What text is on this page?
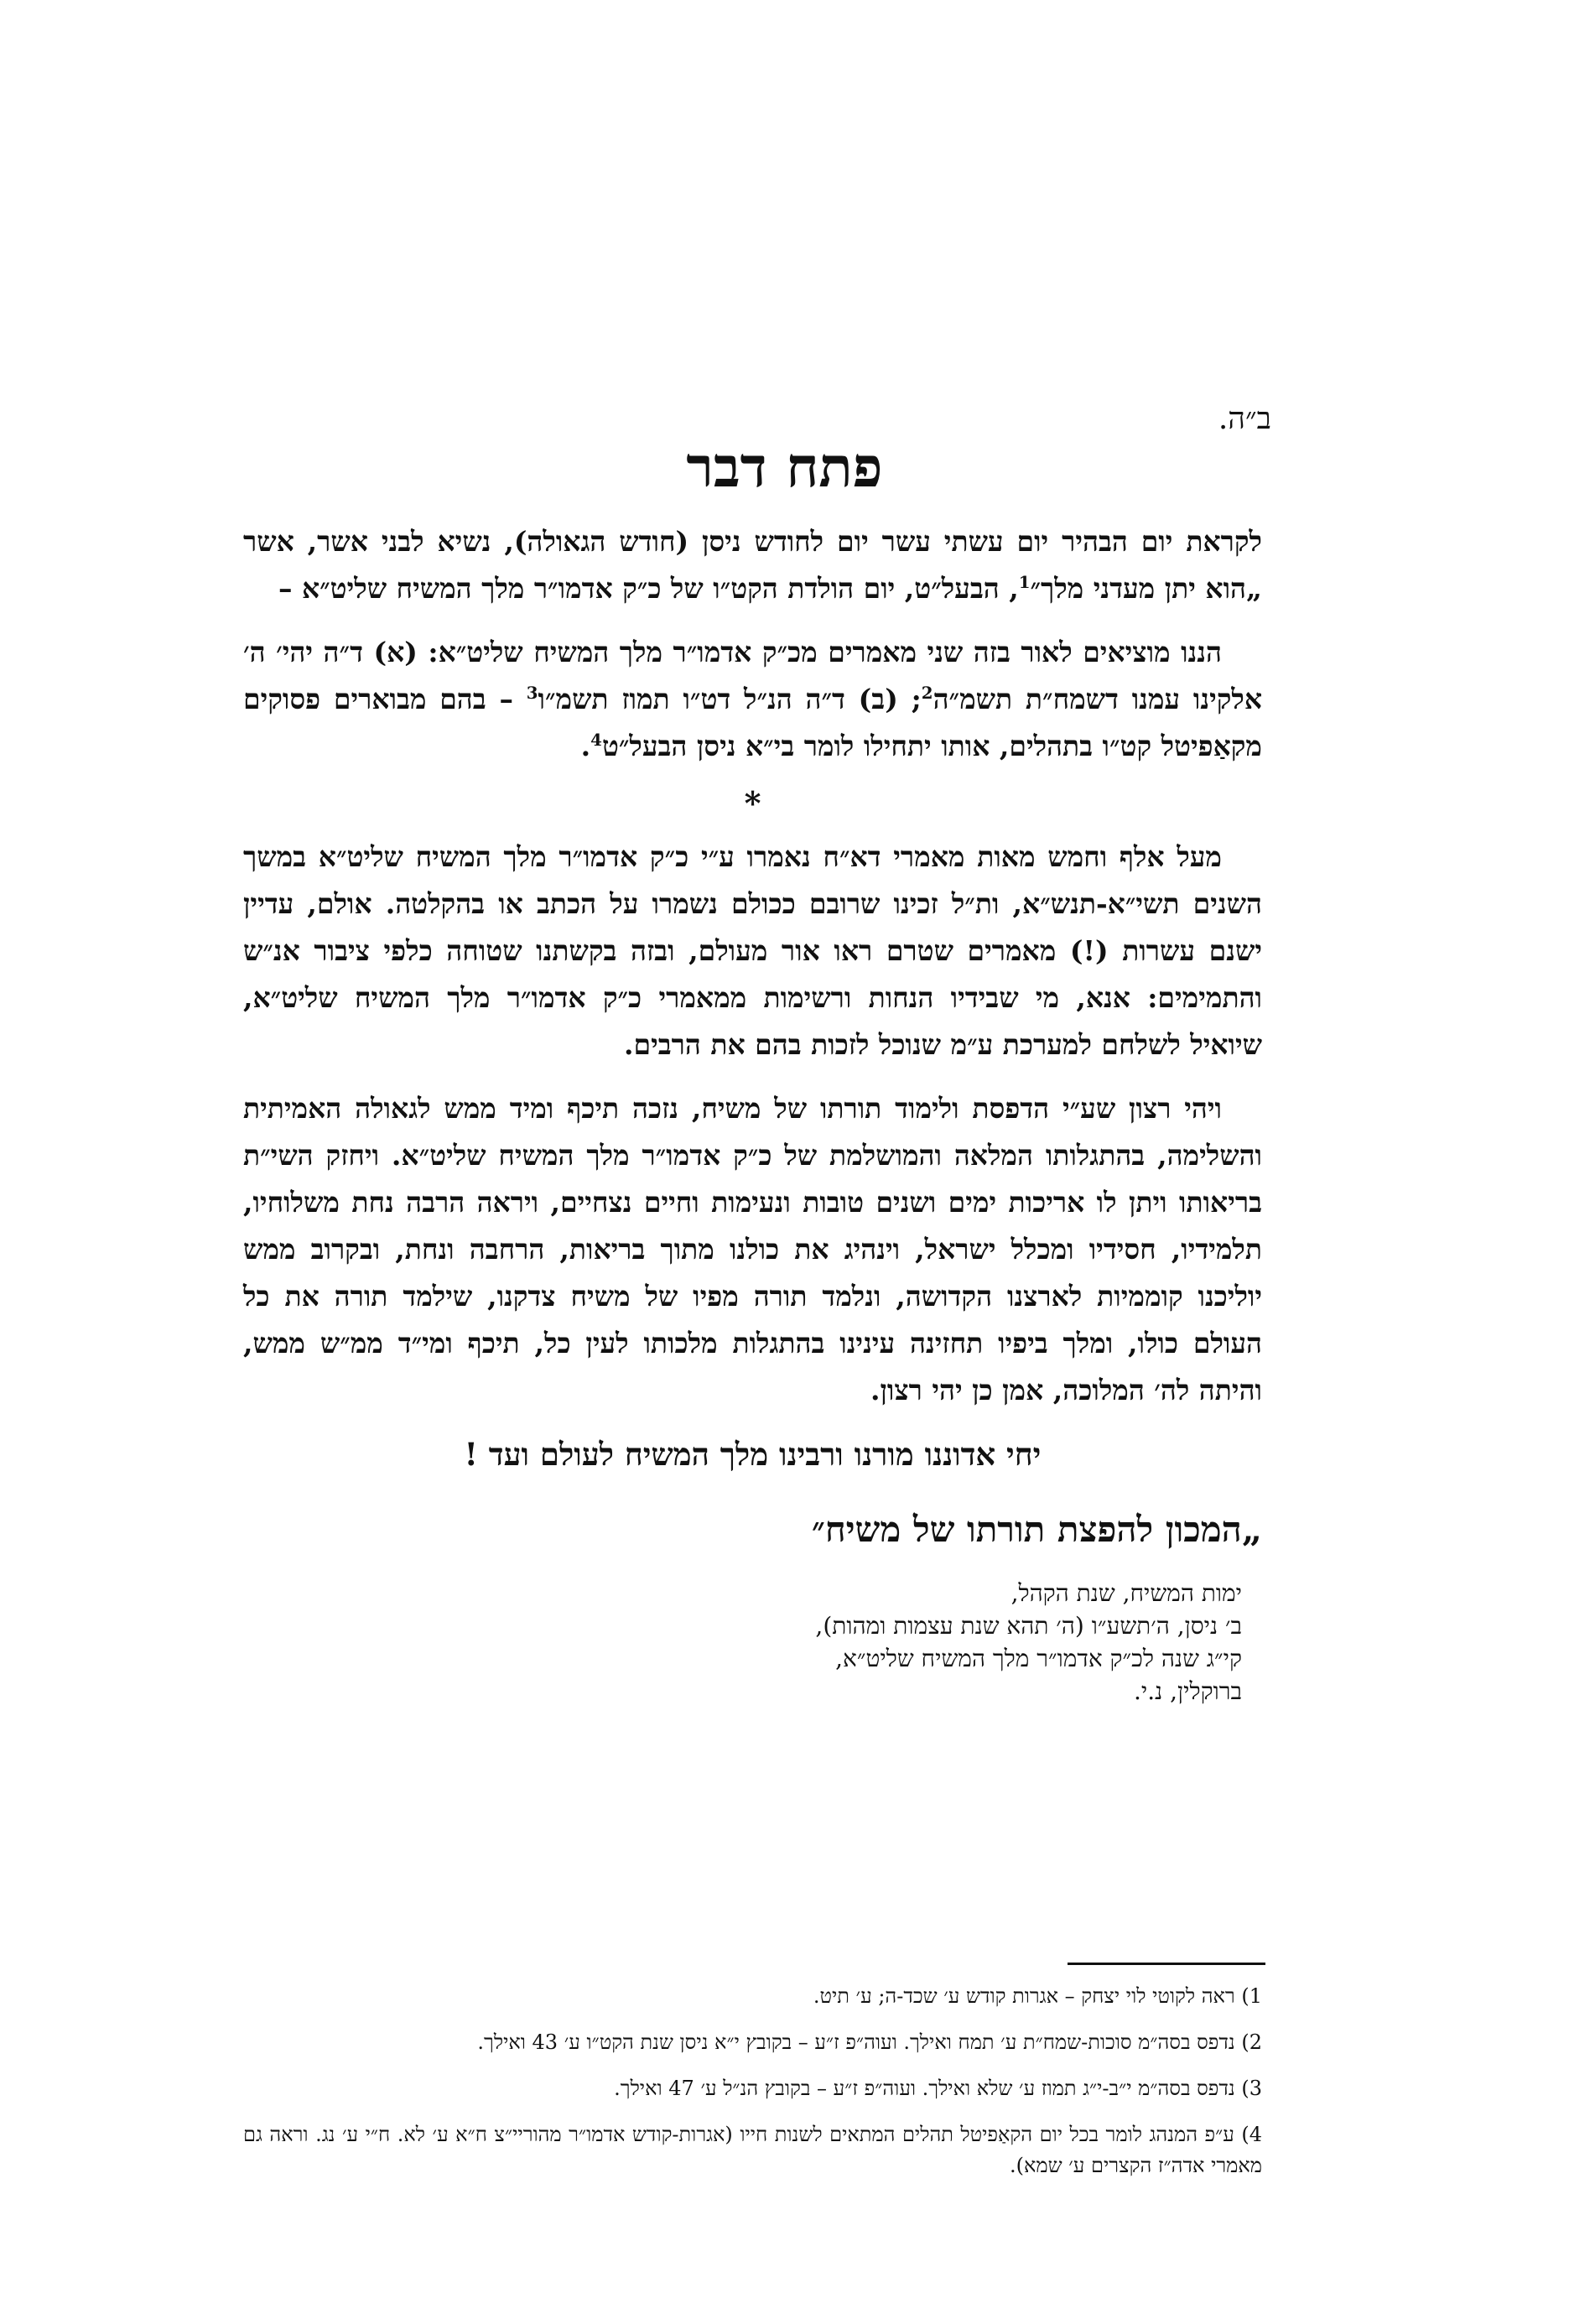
ב״ה.
פתח דבר

לקראת יום הבהיר יום עשתי עשר יום לחודש ניסן (חודש הגאולה), נשיא לבני אשר, אשר „הוא יתן מעדני מלך״$^1$, הבעל״ט, יום הולדת הקט״ו של כ״ק אדמו״ר מלך המשיח שליט״א –

הננו מוציאים לאור בזה שני מאמרים מכ״ק אדמו״ר מלך המשיח שליט״א: (א) ד״ה יהי׳ ה׳ אלקינו עמנו דשמח״ת תשמ״ה$^2$; (ב) ד״ה הנ״ל דט״ו תמוז תשמ״ו$^3$ – בהם מבוארים פסוקים מקאַפיטל קט״ו בתהלים, אותו יתחילו לומר בי״א ניסן הבעל״ט$^4$.

*

מעל אלף וחמש מאות מאמרי דא״ח נאמרו ע״י כ״ק אדמו״ר מלך המשיח שליט״א במשך השנים תשי״א-תנש״א, ות״ל זכינו שרובם ככולם נשמרו על הכתב או בהקלטה. אולם, עדיין ישנם עשרות (!) מאמרים שטרם ראו אור מעולם, ובזה בקשתנו שטוחה כלפי ציבור אנ״ש והתמימים: אנא, מי שבידיו הנחות ורשימות ממאמרי כ״ק אדמו״ר מלך המשיח שליט״א, שיואיל לשלחם למערכת ע״מ שנוכל לזכות בהם את הרבים.

ויהי רצון שע״י הדפסת ולימוד תורתו של משיח, נזכה תיכף ומיד ממש לגאולה האמיתית והשלימה, בהתגלותו המלאה והמושלמת של כ״ק אדמו״ר מלך המשיח שליט״א. ויחזק השי״ת בריאותו ויתן לו אריכות ימים ושנים טובות ונעימות וחיים נצחיים, ויראה הרבה נחת משלוחיו, תלמידיו, חסידיו ומכלל ישראל, וינהיג את כולנו מתוך בריאות, הרחבה ונחת, ובקרוב ממש יוליכנו קוממיות לארצנו הקדושה, ונלמד תורה מפיו של משיח צדקנו, שילמד תורה את כל העולם כולו, ומלך ביפיו תחזינה עינינו בהתגלות מלכותו לעין כל, תיכף ומי״ד ממ״ש ממש, והיתה לה׳ המלוכה, אמן כן יהי רצון.

יחי אדוננו מורנו ורבינו מלך המשיח לעולם ועד !
„המכון להפצת תורתו של משיח״
ימות המשיח, שנת הקהל,
ב׳ ניסן, ה׳תשע״ו (ה׳ תהא שנת עצמות ומהות),
קי״ג שנה לכ״ק אדמו״ר מלך המשיח שליט״א,
ברוקלין, נ.י.
1) ראה לקוטי לוי יצחק – אגרות קודש ע׳ שכד-ה; ע׳ תיט.
2) נדפס בסה״מ סוכות-שמח״ת ע׳ תמח ואילך. ועוה״פ ז״ע – בקובץ י״א ניסן שנת הקט״ו ע׳ 43 ואילך.
3) נדפס בסה״מ י״ב-י״ג תמוז ע׳ שלא ואילך. ועוה״פ ז״ע – בקובץ הנ״ל ע׳ 47 ואילך.
4) ע״פ המנהג לומר בכל יום הקאַפיטל תהלים המתאים לשנות חייו (אגרות-קודש אדמו״ר מהוריי״צ ח״א ע׳ לא. ח״י ע׳ נג. וראה גם מאמרי אדה״ז הקצרים ע׳ שמא).
